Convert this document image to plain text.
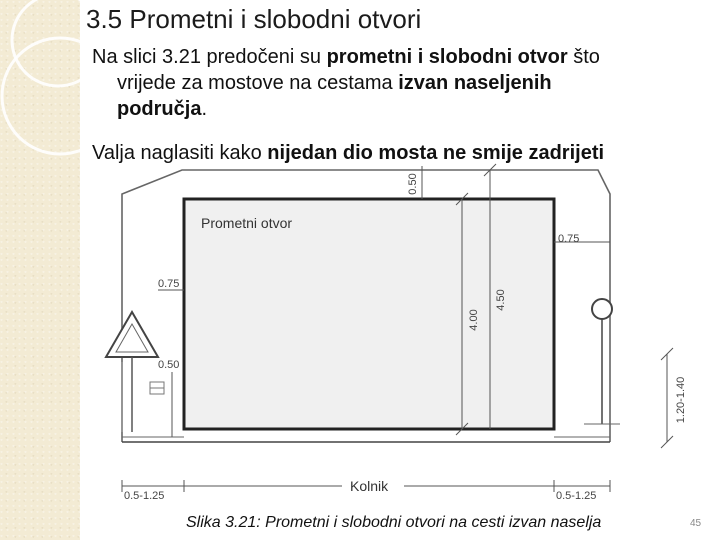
3.5 Prometni i slobodni otvori

Na slici 3.21 predočeni su prometni i slobodni otvor što
vrijede za mostove na cestama izvan naseljenih
područja.

Valja naglasiti kako nijedan dio mosta ne smije zadrijeti

4.00
4.50
0.50
0.75
0.75
0.50
1.20-1.40
0.5-1.25	0.5-1.25
Prometni otvor
Kolnik
Slika 3.21: Prometni i slobodni otvori na cesti izvan naselja	45
